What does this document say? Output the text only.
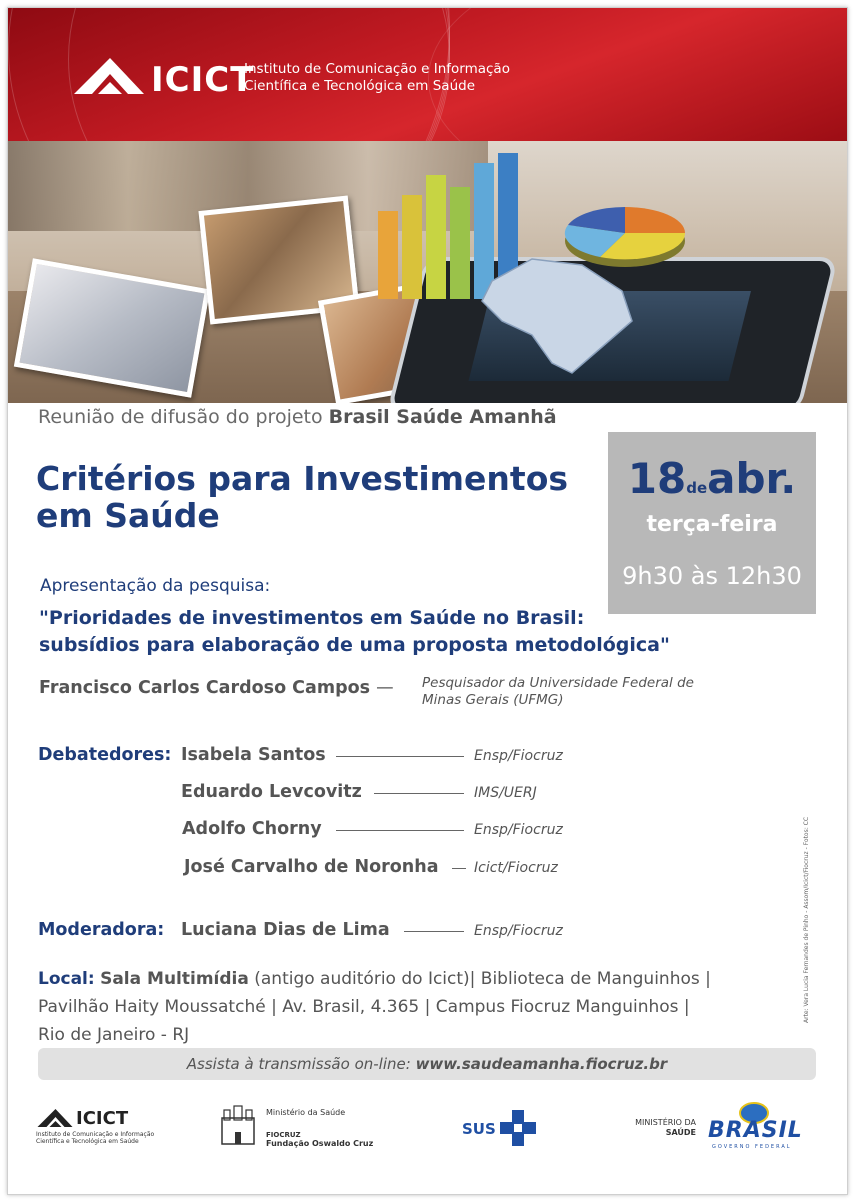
ICICT
Instituto de Comunicação e Informação
Científica e Tecnológica em Saúde
Reunião de difusão do projeto Brasil Saúde Amanhã
Critérios para Investimentos
em Saúde
18deabr.
terça-feira
9h30 às 12h30
Apresentação da pesquisa:
"Prioridades de investimentos em Saúde no Brasil:
subsídios para elaboração de uma proposta metodológica"
Francisco Carlos Cardoso Campos — Pesquisador da Universidade Federal de
Minas Gerais (UFMG)
Debatedores: Isabela Santos	Ensp/Fiocruz
Eduardo Levcovitz	IMS/UERJ
Adolfo Chorny	Ensp/Fiocruz
José Carvalho de Noronha	Icict/Fiocruz
Moderadora: Luciana Dias de Lima	Ensp/Fiocruz
Local: Sala Multimídia (antigo auditório do Icict)| Biblioteca de Manguinhos |
Pavilhão Haity Moussatché | Av. Brasil, 4.365 | Campus Fiocruz Manguinhos |
Rio de Janeiro - RJ
Assista à transmissão on-line: www.saudeamanha.fiocruz.br
Arte: Vera Lucia Fernandes de Pinho - Assom/Icict/Fiocruz - Fotos: CC
ICICT
Instituto de Comunicação e Informação
Científica e Tecnológica em Saúde
Ministério da Saúde
FIOCRUZ
Fundação Oswaldo Cruz
SUS	MINISTÉRIO DA
SAÚDE BRASIL
GOVERNO FEDERAL
